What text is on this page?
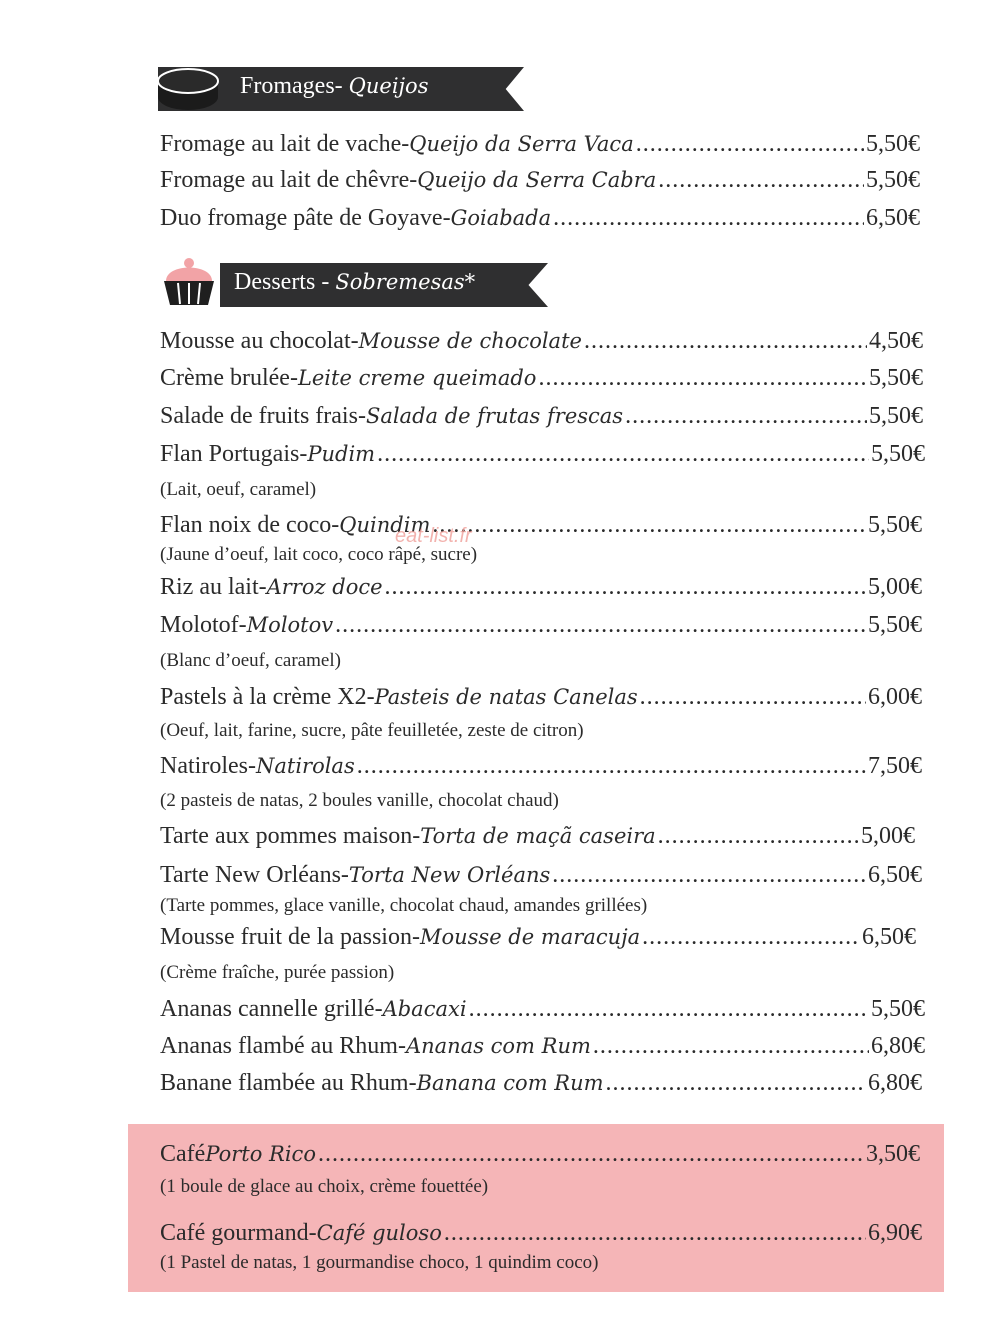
Fromages- Queijos
Desserts - Sobremesas*
Fromage au lait de vache - Queijo da Serra Vaca .....	5,50€
Fromage au lait de chêvre - Queijo da Serra Cabra .....	5,50€
Duo fromage pâte de Goyave - Goiabada .....	6,50€
Mousse au chocolat - Mousse de chocolate .....	4,50€
Crème brulée - Leite creme queimado .....	5,50€
Salade de fruits frais - Salada de frutas frescas .....	5,50€
Flan Portugais - Pudim .....	5,50€
(Lait, oeuf, caramel)
Flan noix de coco - Quindim .....	5,50€
(Jaune d’oeuf, lait coco, coco râpé, sucre)
Riz au lait - Arroz doce .....	5,00€
Molotof - Molotov .....	5,50€
(Blanc d’oeuf, caramel)
Pastels à la crème X2 - Pasteis de natas Canelas .....	6,00€
(Oeuf, lait, farine, sucre, pâte feuilletée, zeste de citron)
Natiroles - Natirolas .....	7,50€
(2 pasteis de natas, 2 boules vanille, chocolat chaud)
Tarte aux pommes maison - Torta de maçã caseira .....	5,00€
Tarte New Orléans - Torta New Orléans .....	6,50€
(Tarte pommes, glace vanille, chocolat chaud, amandes grillées)
Mousse fruit de la passion - Mousse de maracuja .....	6,50€
(Crème fraîche, purée passion)
Ananas cannelle grillé - Abacaxi .....	5,50€
Ananas flambé au Rhum - Ananas com Rum .....	6,80€
Banane flambée au Rhum - Banana com Rum .....	6,80€
Café Porto Rico .....	3,50€
(1 boule de glace au choix, crème fouettée)
Café gourmand - Café guloso .....	6,90€
(1 Pastel de natas, 1 gourmandise choco, 1 quindim coco)
eat-list.fr
